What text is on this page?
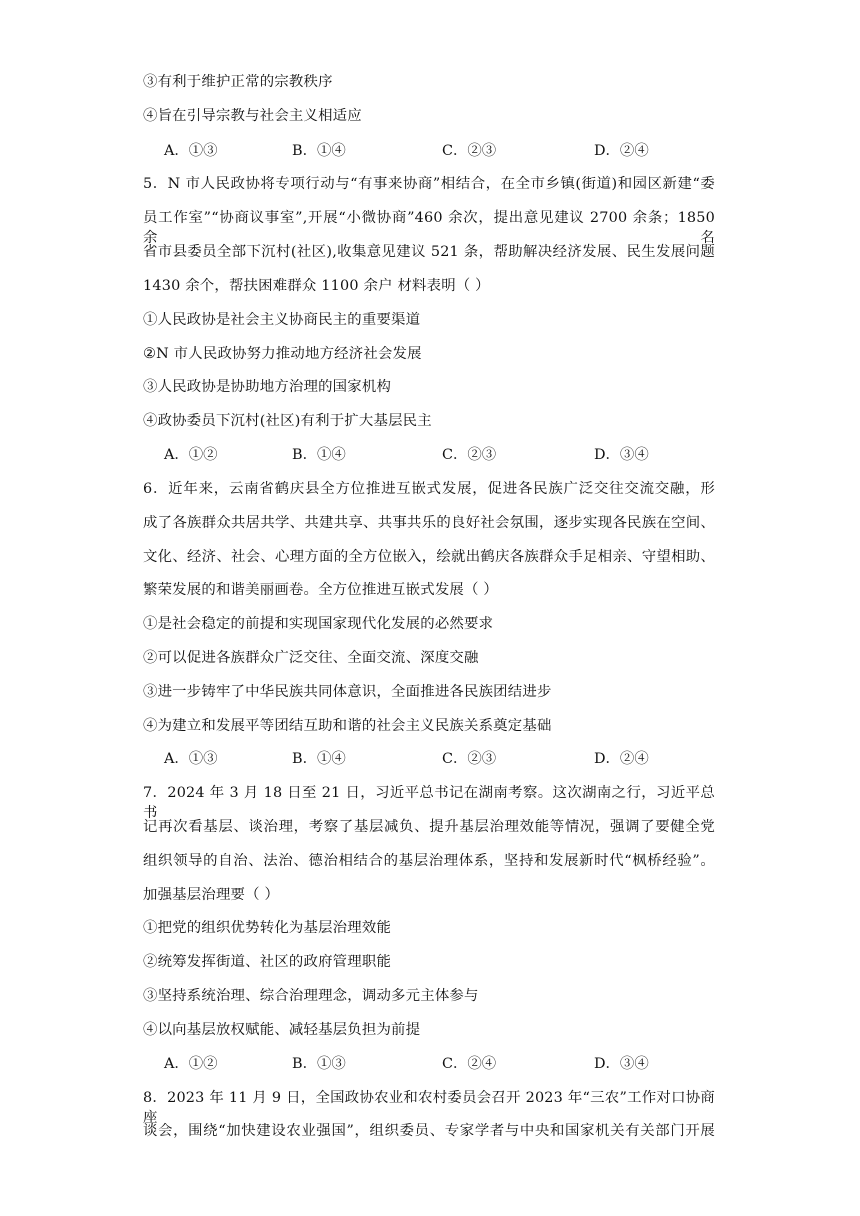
③有利于维护正常的宗教秩序
④旨在引导宗教与社会主义相适应
A．①③	B．①④	C．②③	D．②④
5．N 市人民政协将专项行动与“有事来协商”相结合，在全市乡镇(街道)和园区新建“委
员工作室”“协商议事室”,开展“小微协商”460 余次，提出意见建议 2700 余条；1850 余名
省市县委员全部下沉村(社区),收集意见建议 521 条，帮助解决经济发展、民生发展问题
1430 余个，帮扶困难群众 1100 余户 材料表明（ ）
①人民政协是社会主义协商民主的重要渠道
②N 市人民政协努力推动地方经济社会发展
③人民政协是协助地方治理的国家机构
④政协委员下沉村(社区)有利于扩大基层民主
A．①②	B．①④	C．②③	D．③④
6．近年来，云南省鹤庆县全方位推进互嵌式发展，促进各民族广泛交往交流交融，形
成了各族群众共居共学、共建共享、共事共乐的良好社会氛围，逐步实现各民族在空间、
文化、经济、社会、心理方面的全方位嵌入，绘就出鹤庆各族群众手足相亲、守望相助、
繁荣发展的和谐美丽画卷。全方位推进互嵌式发展（ ）
①是社会稳定的前提和实现国家现代化发展的必然要求
②可以促进各族群众广泛交往、全面交流、深度交融
③进一步铸牢了中华民族共同体意识，全面推进各民族团结进步
④为建立和发展平等团结互助和谐的社会主义民族关系奠定基础
A．①③	B．①④	C．②③	D．②④
7．2024 年 3 月 18 日至 21 日，习近平总书记在湖南考察。这次湖南之行，习近平总书
记再次看基层、谈治理，考察了基层减负、提升基层治理效能等情况，强调了要健全党
组织领导的自治、法治、德治相结合的基层治理体系，坚持和发展新时代“枫桥经验”。
加强基层治理要（ ）
①把党的组织优势转化为基层治理效能
②统筹发挥街道、社区的政府管理职能
③坚持系统治理、综合治理理念，调动多元主体参与
④以向基层放权赋能、减轻基层负担为前提
A．①②	B．①③	C．②④	D．③④
8．2023 年 11 月 9 日，全国政协农业和农村委员会召开 2023 年“三农”工作对口协商座
谈会，围绕“加快建设农业强国”，组织委员、专家学者与中央和国家机关有关部门开展
